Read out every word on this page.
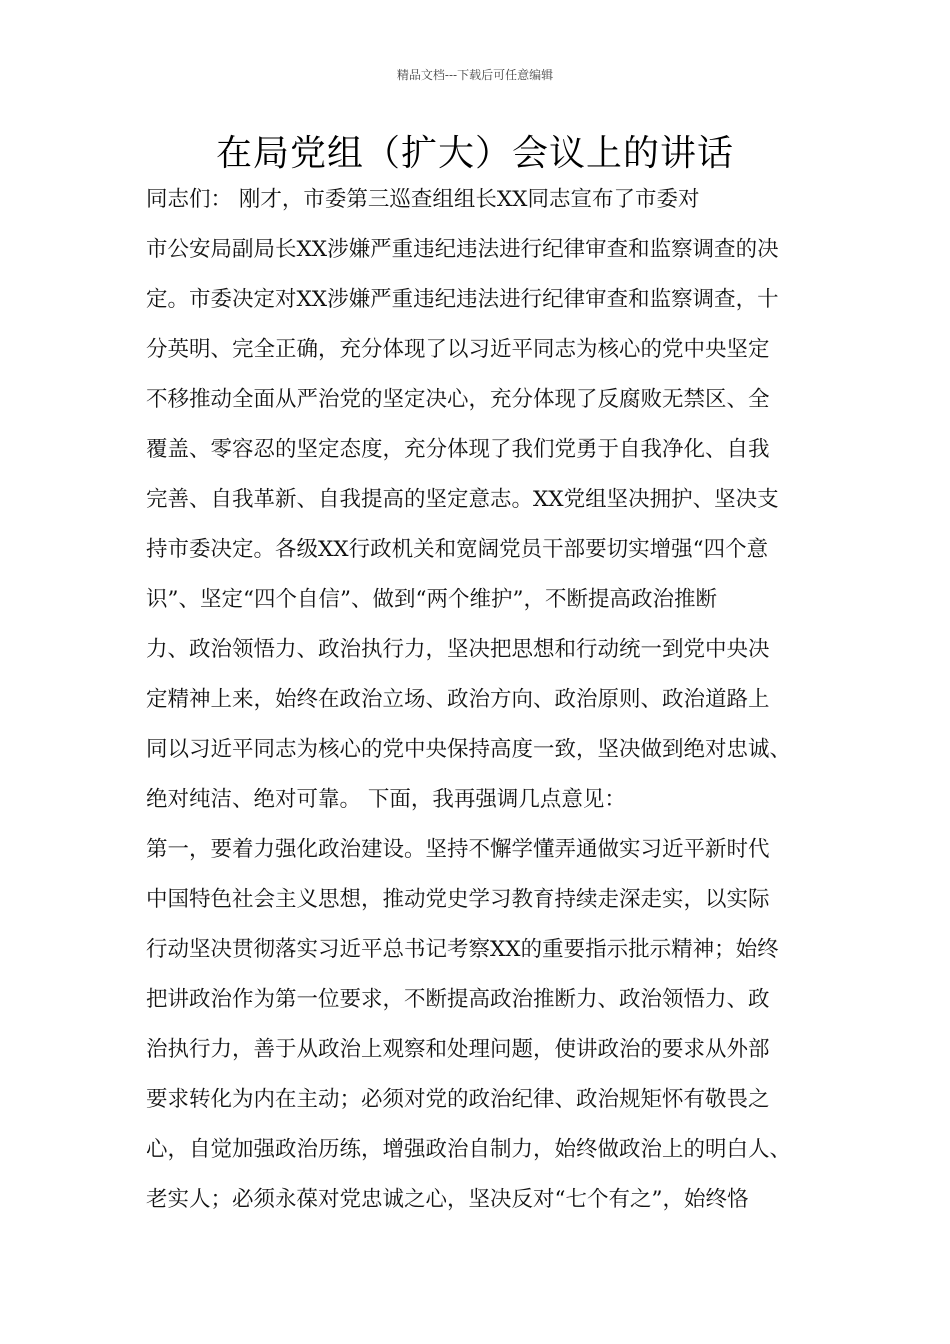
精品文档---下载后可任意编辑
在局党组（扩大）会议上的讲话
同志们： 刚才，市委第三巡查组组长XX同志宣布了市委对
市公安局副局长XX涉嫌严重违纪违法进行纪律审查和监察调查的决
定。市委决定对XX涉嫌严重违纪违法进行纪律审查和监察调查，十
分英明、完全正确，充分体现了以习近平同志为核心的党中央坚定
不移推动全面从严治党的坚定决心，充分体现了反腐败无禁区、全
覆盖、零容忍的坚定态度，充分体现了我们党勇于自我净化、自我
完善、自我革新、自我提高的坚定意志。XX党组坚决拥护、坚决支
持市委决定。各级XX行政机关和宽阔党员干部要切实增强“四个意
识”、坚定“四个自信”、做到“两个维护”，不断提高政治推断
力、政治领悟力、政治执行力，坚决把思想和行动统一到党中央决
定精神上来，始终在政治立场、政治方向、政治原则、政治道路上
同以习近平同志为核心的党中央保持高度一致，坚决做到绝对忠诚、
绝对纯洁、绝对可靠。 下面，我再强调几点意见：
第一，要着力强化政治建设。坚持不懈学懂弄通做实习近平新时代
中国特色社会主义思想，推动党史学习教育持续走深走实，以实际
行动坚决贯彻落实习近平总书记考察XX的重要指示批示精神；始终
把讲政治作为第一位要求，不断提高政治推断力、政治领悟力、政
治执行力，善于从政治上观察和处理问题，使讲政治的要求从外部
要求转化为内在主动；必须对党的政治纪律、政治规矩怀有敬畏之
心，自觉加强政治历练，增强政治自制力，始终做政治上的明白人、
老实人；必须永葆对党忠诚之心，坚决反对“七个有之”，始终恪
